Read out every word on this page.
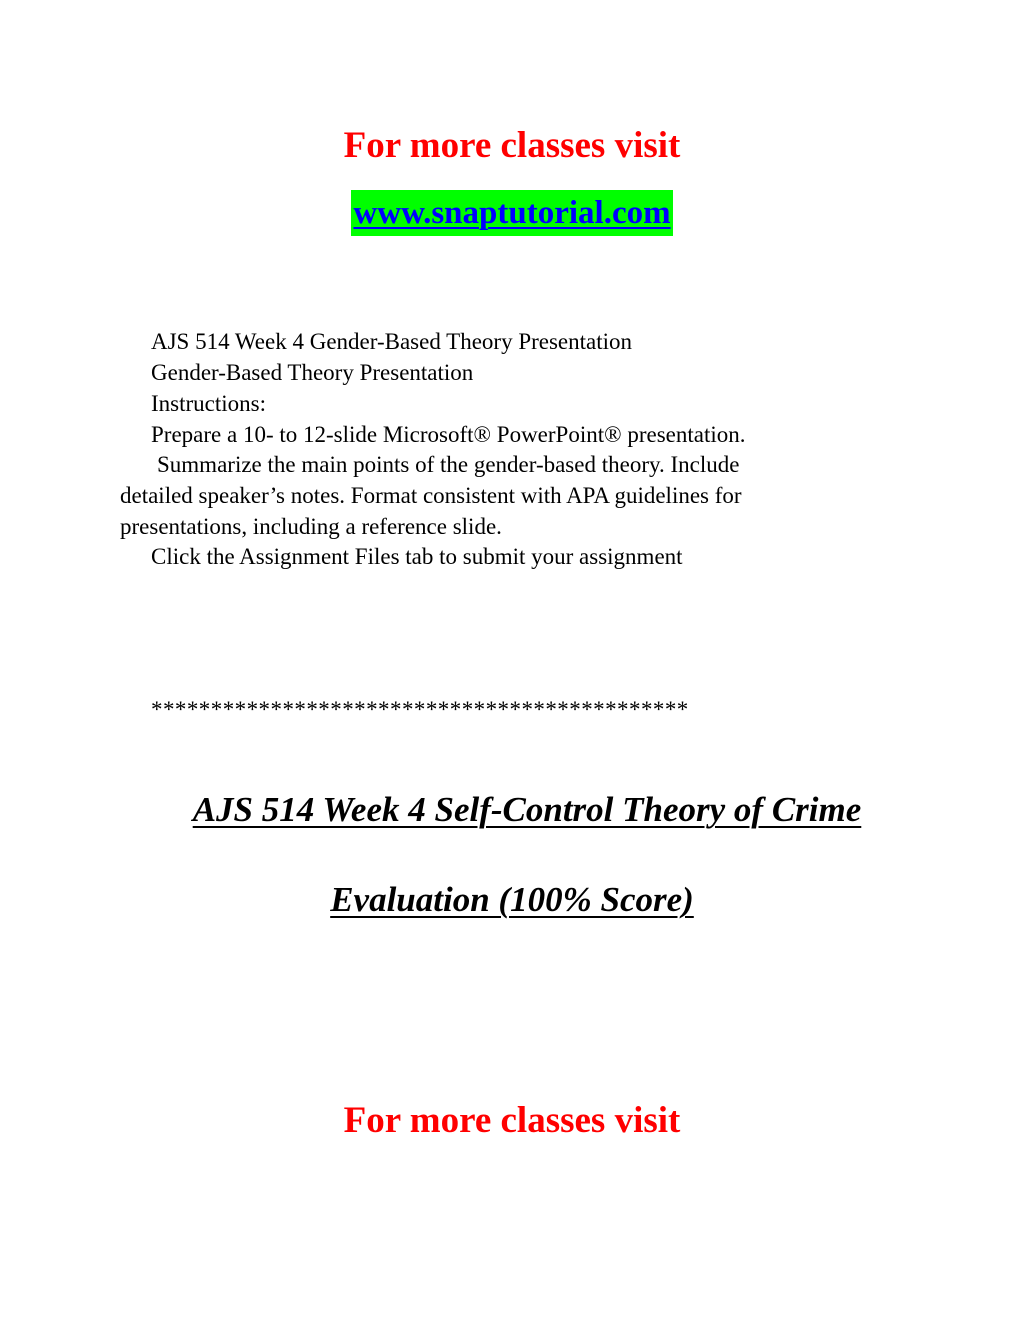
For more classes visit
www.snaptutorial.com
AJS 514 Week 4 Gender-Based Theory Presentation
Gender-Based Theory Presentation
Instructions:
Prepare a 10- to 12-slide Microsoft® PowerPoint® presentation.
Summarize the main points of the gender-based theory. Include
detailed speaker’s notes. Format consistent with APA guidelines for
presentations, including a reference slide.
Click the Assignment Files tab to submit your assignment
*********************************************
AJS 514 Week 4 Self-Control Theory of Crime
Evaluation (100% Score)
For more classes visit
